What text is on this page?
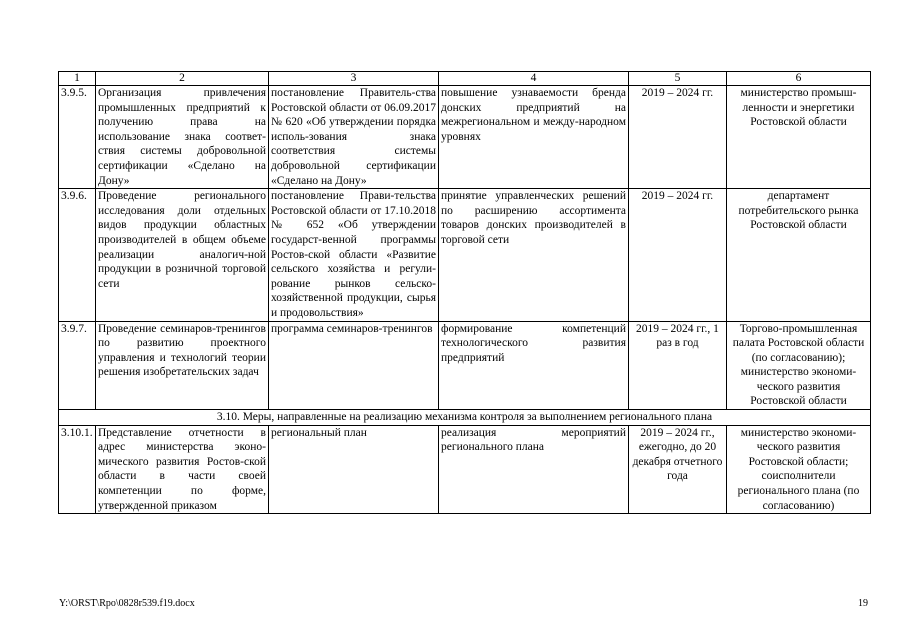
1	2	3	4	5	6
3.9.5.	Организация привлечения промышленных предприятий к получению права на использование знака соответ-ствия системы добровольной сертификации «Сделано на Дону»	постановление Правитель-ства Ростовской области от 06.09.2017 № 620 «Об утверждении порядка исполь-зования знака соответствия системы добровольной сертификации «Сделано на Дону»	повышение узнаваемости бренда донских предприятий на межрегиональном и между-народном уровнях	2019 – 2024 гг.	министерство промыш-ленности и энергетики Ростовской области
3.9.6.	Проведение регионального исследования доли отдельных видов продукции областных производителей в общем объеме реализации аналогич-ной продукции в розничной торговой сети	постановление Прави-тельства Ростовской области от 17.10.2018 № 652 «Об утверждении государст-венной программы Ростов-ской области «Развитие сельского хозяйства и регули-рование рынков сельско-хозяйственной продукции, сырья и продовольствия»	принятие управленческих решений по расширению ассортимента товаров донских производителей в торговой сети	2019 – 2024 гг.	департамент потребительского рынка Ростовской области
3.9.7.	Проведение семинаров-тренингов по развитию проектного управления и технологий теории решения изобретательских задач	программа семинаров-тренингов	формирование компетенций технологического развития предприятий	2019 – 2024 гг., 1 раз в год	Торгово-промышленная палата Ростовской области (по согласованию); министерство экономи-ческого развития Ростовской области
3.10. Меры, направленные на реализацию механизма контроля за выполнением регионального плана					
3.10.1.	Представление отчетности в адрес министерства эконо-мического развития Ростов-ской области в части своей компетенции по форме, утвержденной приказом	региональный план	реализация мероприятий регионального плана	2019 – 2024 гг., ежегодно, до 20 декабря отчетного года	министерство экономи-ческого развития Ростовской области; соисполнители регионального плана (по согласованию)
Y:\ORST\Rpo\0828r539.f19.docx	19
